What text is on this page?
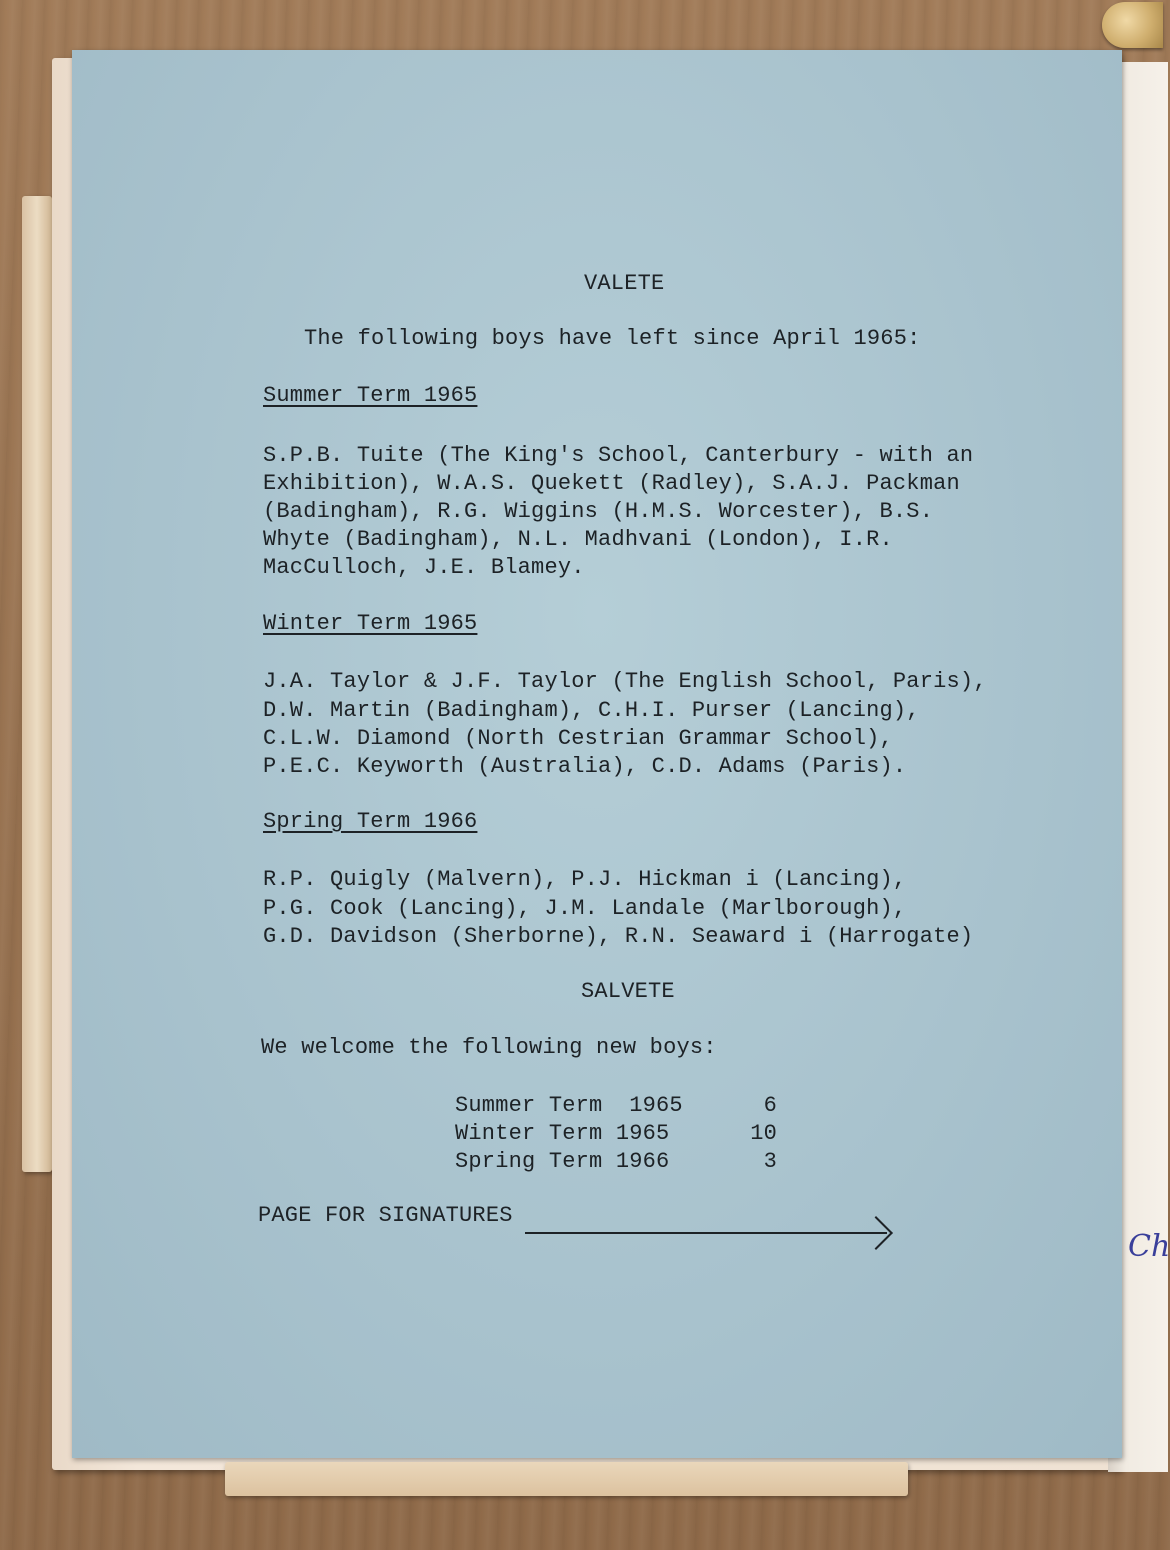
Ch
VALETE
The following boys have left since April 1965:
Summer Term 1965
S.P.B. Tuite (The King's School, Canterbury - with an
Exhibition), W.A.S. Quekett (Radley), S.A.J. Packman
(Badingham), R.G. Wiggins (H.M.S. Worcester), B.S.
Whyte (Badingham), N.L. Madhvani (London), I.R.
MacCulloch, J.E. Blamey.
Winter Term 1965
J.A. Taylor & J.F. Taylor (The English School, Paris),
D.W. Martin (Badingham), C.H.I. Purser (Lancing),
C.L.W. Diamond (North Cestrian Grammar School),
P.E.C. Keyworth (Australia), C.D. Adams (Paris).
Spring Term 1966
R.P. Quigly (Malvern), P.J. Hickman i (Lancing),
P.G. Cook (Lancing), J.M. Landale (Marlborough),
G.D. Davidson (Sherborne), R.N. Seaward i (Harrogate)
SALVETE
We welcome the following new boys:
Summer Term  1965	6
Winter Term 1965	10
Spring Term 1966	3
PAGE FOR SIGNATURES
